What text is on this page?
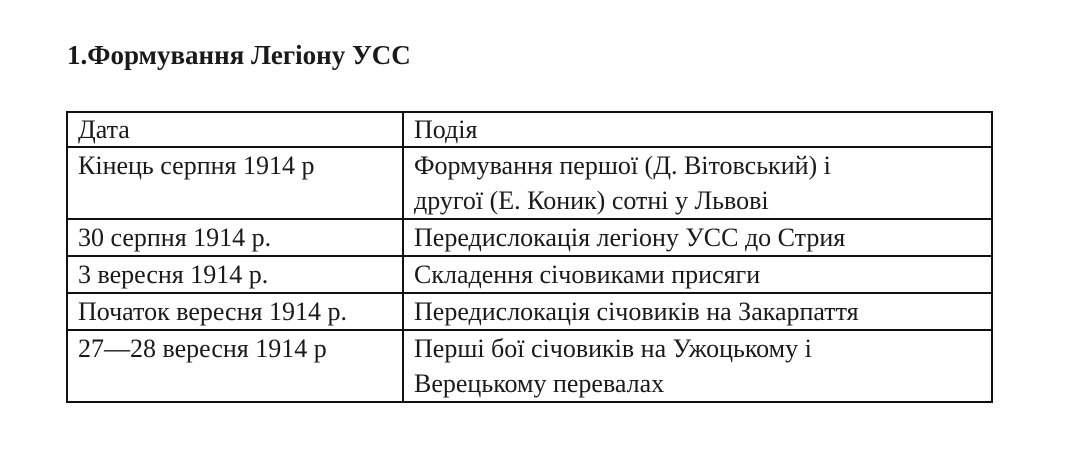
1.Формування Легіону УСС
Дата	Подія
Кінець серпня 1914 р	Формування першої (Д. Вітовський) і
другої (Е. Коник) сотні у Львові

30 серпня 1914 р.	Передислокація легіону УСС до Стрия

3 вересня 1914 р.	Складення січовиками присяги

Початок вересня 1914 р.	Передислокація січовиків на Закарпаття

27—28 вересня 1914 р	Перші бої січовиків на Ужоцькому і
Верецькому перевалах
